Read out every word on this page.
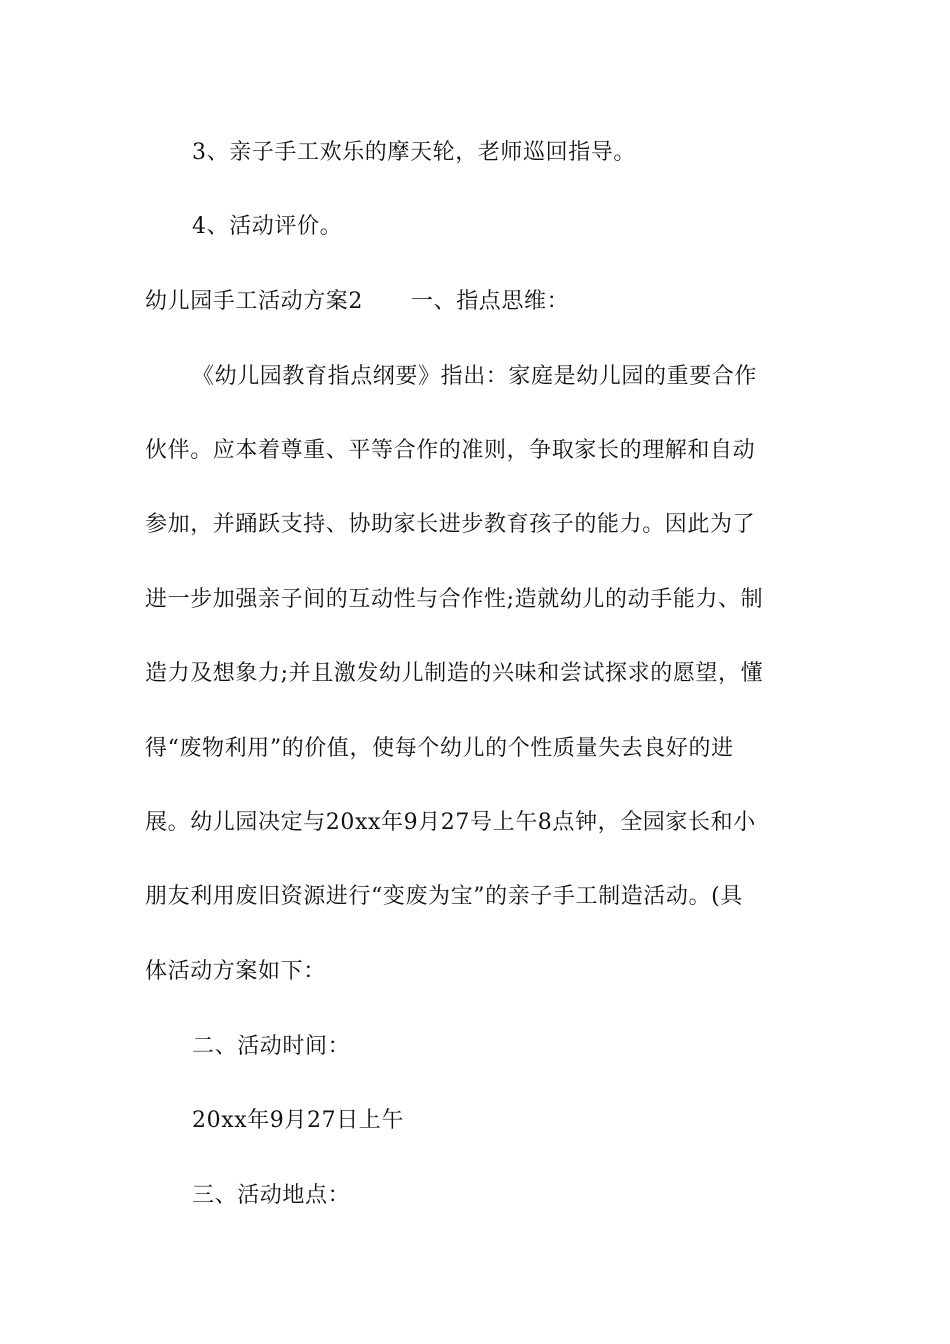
3、亲子手工欢乐的摩天轮，老师巡回指导。
4、活动评价。
幼儿园手工活动方案2 一、指点思维：
《幼儿园教育指点纲要》指出：家庭是幼儿园的重要合作
伙伴。应本着尊重、平等合作的准则，争取家长的理解和自动
参加，并踊跃支持、协助家长进步教育孩子的能力。因此为了
进一步加强亲子间的互动性与合作性;造就幼儿的动手能力、制
造力及想象力;并且激发幼儿制造的兴味和尝试探求的愿望，懂
得“废物利用”的价值，使每个幼儿的个性质量失去良好的进
展。幼儿园决定与20xx年9月27号上午8点钟，全园家长和小
朋友利用废旧资源进行“变废为宝”的亲子手工制造活动。(具
体活动方案如下：
二、活动时间：
20xx年9月27日上午
三、活动地点：
